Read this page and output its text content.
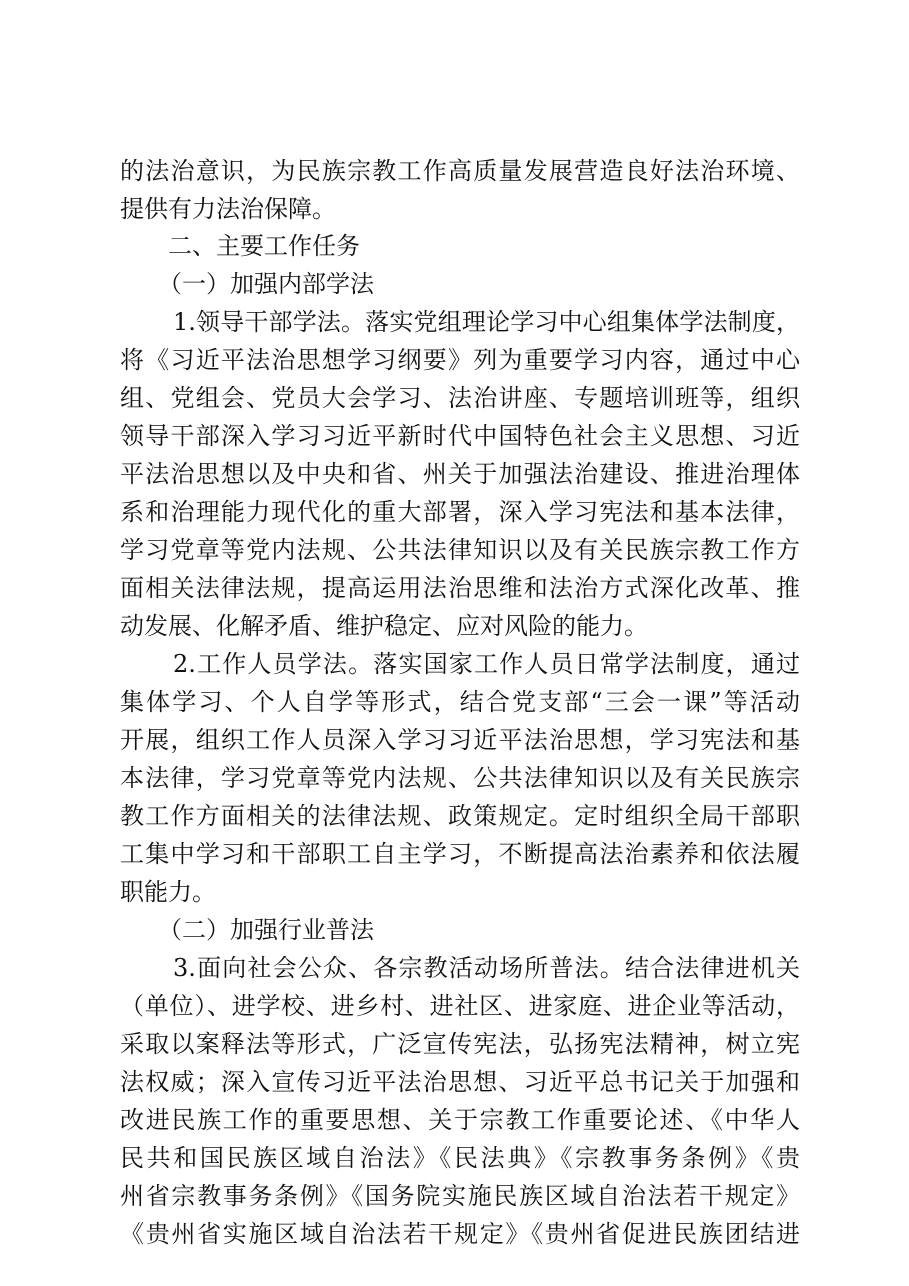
的法治意识，为民族宗教工作高质量发展营造良好法治环境、

提供有力法治保障。

二、主要工作任务

（一）加强内部学法

1.领导干部学法。落实党组理论学习中心组集体学法制度，

将《习近平法治思想学习纲要》列为重要学习内容，通过中心

组、党组会、党员大会学习、法治讲座、专题培训班等，组织

领导干部深入学习习近平新时代中国特色社会主义思想、习近

平法治思想以及中央和省、州关于加强法治建设、推进治理体

系和治理能力现代化的重大部署，深入学习宪法和基本法律，

学习党章等党内法规、公共法律知识以及有关民族宗教工作方

面相关法律法规，提高运用法治思维和法治方式深化改革、推

动发展、化解矛盾、维护稳定、应对风险的能力。

2.工作人员学法。落实国家工作人员日常学法制度，通过

集体学习、个人自学等形式，结合党支部“三会一课”等活动

开展，组织工作人员深入学习习近平法治思想，学习宪法和基

本法律，学习党章等党内法规、公共法律知识以及有关民族宗

教工作方面相关的法律法规、政策规定。定时组织全局干部职

工集中学习和干部职工自主学习，不断提高法治素养和依法履

职能力。

（二）加强行业普法

3.面向社会公众、各宗教活动场所普法。结合法律进机关

（单位）、进学校、进乡村、进社区、进家庭、进企业等活动，

采取以案释法等形式，广泛宣传宪法，弘扬宪法精神，树立宪

法权威；深入宣传习近平法治思想、习近平总书记关于加强和

改进民族工作的重要思想、关于宗教工作重要论述、《中华人

民共和国民族区域自治法》《民法典》《宗教事务条例》《贵

州省宗教事务条例》《国务院实施民族区域自治法若干规定》

《贵州省实施区域自治法若干规定》《贵州省促进民族团结进
